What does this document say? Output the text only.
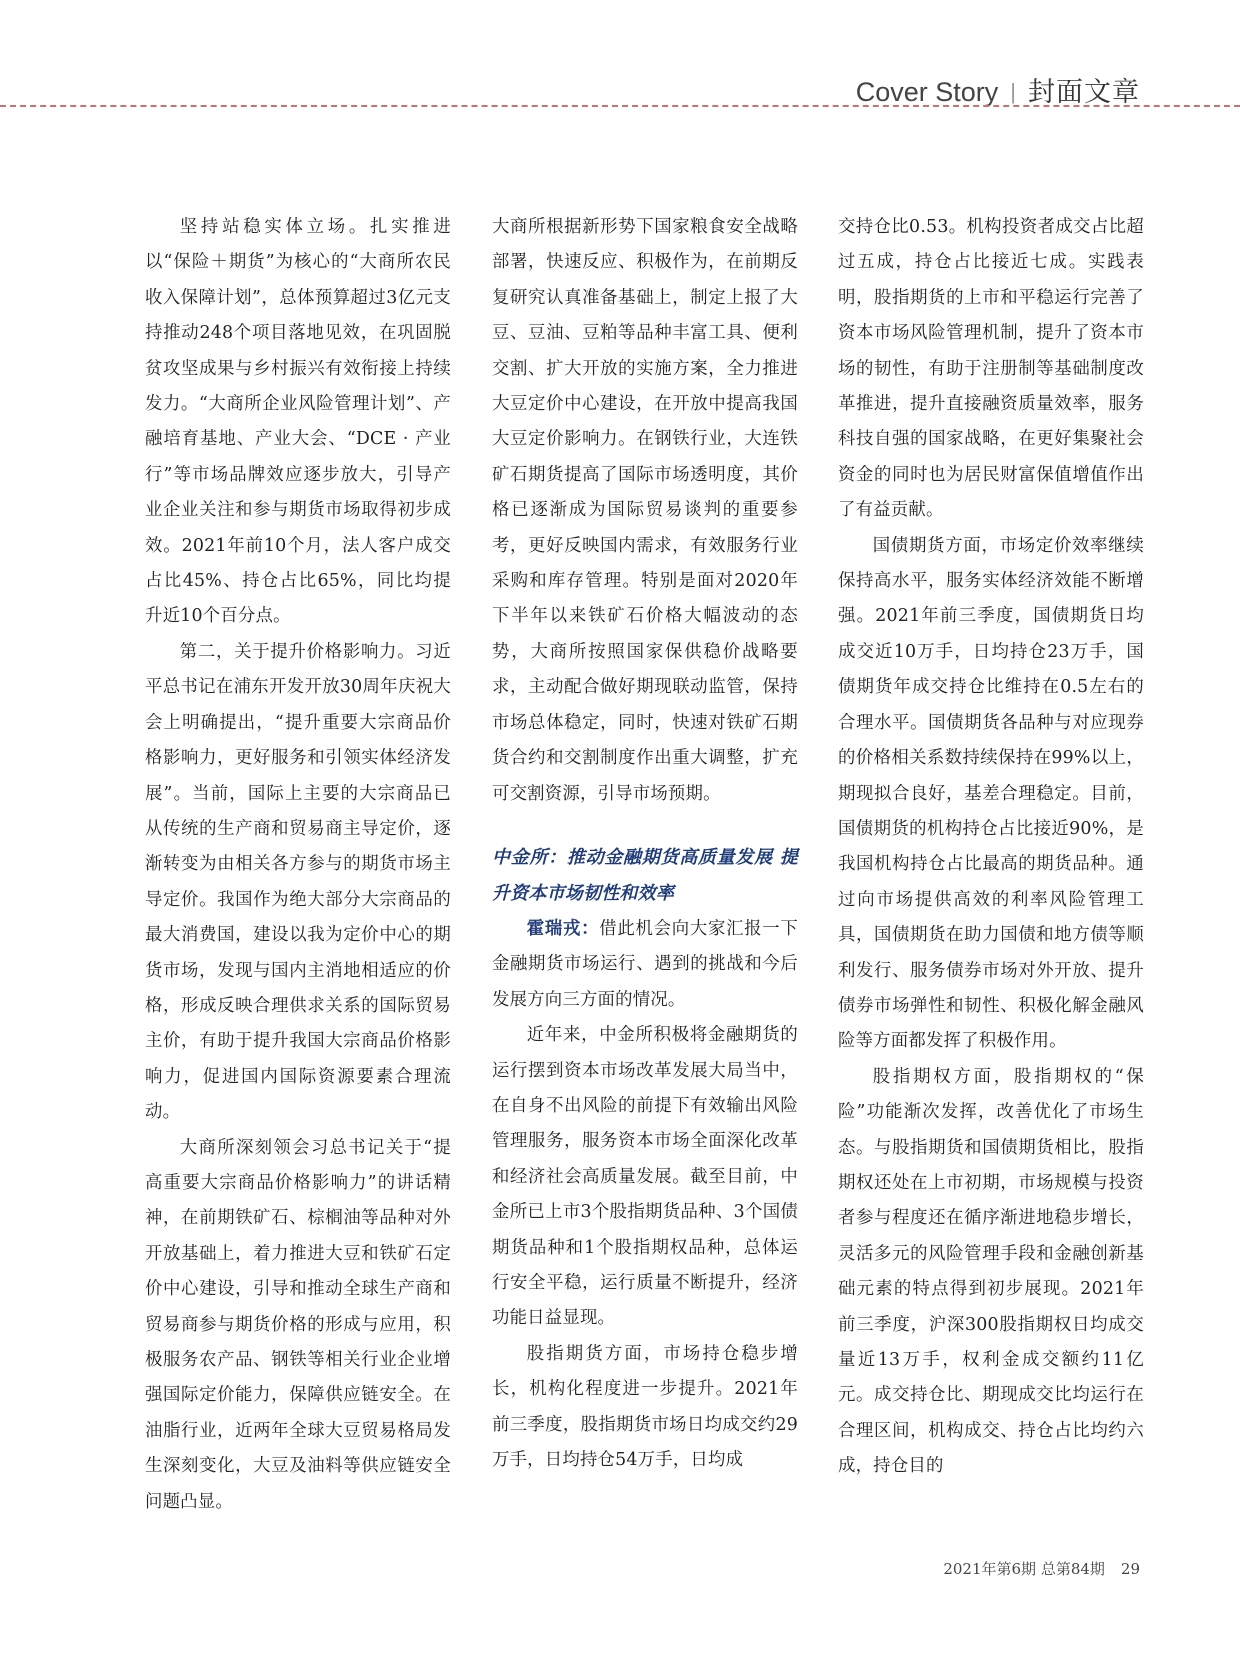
Cover Story | 封面文章

坚持站稳实体立场。扎实推进以“保险＋期货”为核心的“大商所农民收入保障计划”，总体预算超过3亿元支持推动248个项目落地见效，在巩固脱贫攻坚成果与乡村振兴有效衔接上持续发力。“大商所企业风险管理计划”、产融培育基地、产业大会、“DCE · 产业行”等市场品牌效应逐步放大，引导产业企业关注和参与期货市场取得初步成效。2021年前10个月，法人客户成交占比45%、持仓占比65%，同比均提升近10个百分点。

第二，关于提升价格影响力。习近平总书记在浦东开发开放30周年庆祝大会上明确提出，“提升重要大宗商品价格影响力，更好服务和引领实体经济发展”。当前，国际上主要的大宗商品已从传统的生产商和贸易商主导定价，逐渐转变为由相关各方参与的期货市场主导定价。我国作为绝大部分大宗商品的最大消费国，建设以我为定价中心的期货市场，发现与国内主消地相适应的价格，形成反映合理供求关系的国际贸易主价，有助于提升我国大宗商品价格影响力，促进国内国际资源要素合理流动。

大商所深刻领会习总书记关于“提高重要大宗商品价格影响力”的讲话精神，在前期铁矿石、棕榈油等品种对外开放基础上，着力推进大豆和铁矿石定价中心建设，引导和推动全球生产商和贸易商参与期货价格的形成与应用，积极服务农产品、钢铁等相关行业企业增强国际定价能力，保障供应链安全。在油脂行业，近两年全球大豆贸易格局发生深刻变化，大豆及油料等供应链安全问题凸显。

大商所根据新形势下国家粮食安全战略部署，快速反应、积极作为，在前期反复研究认真准备基础上，制定上报了大豆、豆油、豆粕等品种丰富工具、便利交割、扩大开放的实施方案，全力推进大豆定价中心建设，在开放中提高我国大豆定价影响力。在钢铁行业，大连铁矿石期货提高了国际市场透明度，其价格已逐渐成为国际贸易谈判的重要参考，更好反映国内需求，有效服务行业采购和库存管理。特别是面对2020年下半年以来铁矿石价格大幅波动的态势，大商所按照国家保供稳价战略要求，主动配合做好期现联动监管，保持市场总体稳定，同时，快速对铁矿石期货合约和交割制度作出重大调整，扩充可交割资源，引导市场预期。

中金所：推动金融期货高质量发展 提升资本市场韧性和效率

霍瑞戎：借此机会向大家汇报一下金融期货市场运行、遇到的挑战和今后发展方向三方面的情况。

近年来，中金所积极将金融期货的运行摆到资本市场改革发展大局当中，在自身不出风险的前提下有效输出风险管理服务，服务资本市场全面深化改革和经济社会高质量发展。截至目前，中金所已上市3个股指期货品种、3个国债期货品种和1个股指期权品种，总体运行安全平稳，运行质量不断提升，经济功能日益显现。

股指期货方面，市场持仓稳步增长，机构化程度进一步提升。2021年前三季度，股指期货市场日均成交约29万手，日均持仓54万手，日均成

交持仓比0.53。机构投资者成交占比超过五成，持仓占比接近七成。实践表明，股指期货的上市和平稳运行完善了资本市场风险管理机制，提升了资本市场的韧性，有助于注册制等基础制度改革推进，提升直接融资质量效率，服务科技自强的国家战略，在更好集聚社会资金的同时也为居民财富保值增值作出了有益贡献。

国债期货方面，市场定价效率继续保持高水平，服务实体经济效能不断增强。2021年前三季度，国债期货日均成交近10万手，日均持仓23万手，国债期货年成交持仓比维持在0.5左右的合理水平。国债期货各品种与对应现券的价格相关系数持续保持在99%以上，期现拟合良好，基差合理稳定。目前，国债期货的机构持仓占比接近90%，是我国机构持仓占比最高的期货品种。通过向市场提供高效的利率风险管理工具，国债期货在助力国债和地方债等顺利发行、服务债券市场对外开放、提升债券市场弹性和韧性、积极化解金融风险等方面都发挥了积极作用。

股指期权方面，股指期权的“保险”功能渐次发挥，改善优化了市场生态。与股指期货和国债期货相比，股指期权还处在上市初期，市场规模与投资者参与程度还在循序渐进地稳步增长，灵活多元的风险管理手段和金融创新基础元素的特点得到初步展现。2021年前三季度，沪深300股指期权日均成交量近13万手，权利金成交额约11亿元。成交持仓比、期现成交比均运行在合理区间，机构成交、持仓占比均约六成，持仓目的

2021年第6期 总第84期 29
